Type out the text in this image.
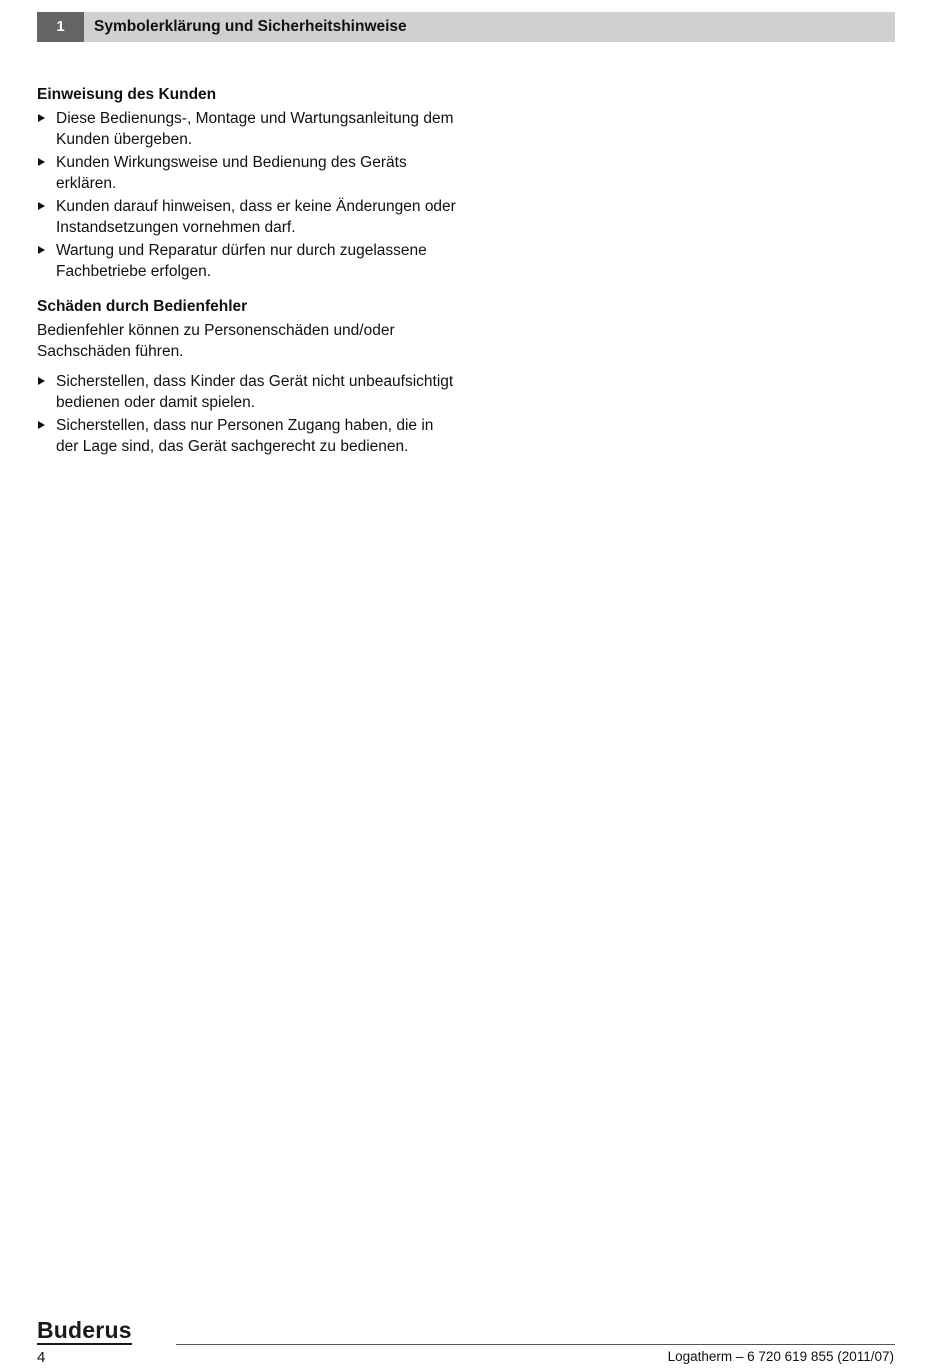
1	Symbolerklärung und Sicherheitshinweise
Einweisung des Kunden
Diese Bedienungs-, Montage und Wartungsanleitung dem Kunden übergeben.
Kunden Wirkungsweise und Bedienung des Geräts erklären.
Kunden darauf hinweisen, dass er keine Änderungen oder Instandsetzungen vornehmen darf.
Wartung und Reparatur dürfen nur durch zugelassene Fachbetriebe erfolgen.
Schäden durch Bedienfehler

Bedienfehler können zu Personenschäden und/oder Sachschäden führen.

Sicherstellen, dass Kinder das Gerät nicht unbeaufsichtigt bedienen oder damit spielen.
Sicherstellen, dass nur Personen Zugang haben, die in der Lage sind, das Gerät sachgerecht zu bedienen.
Buderus
4	Logatherm – 6 720 619 855 (2011/07)
